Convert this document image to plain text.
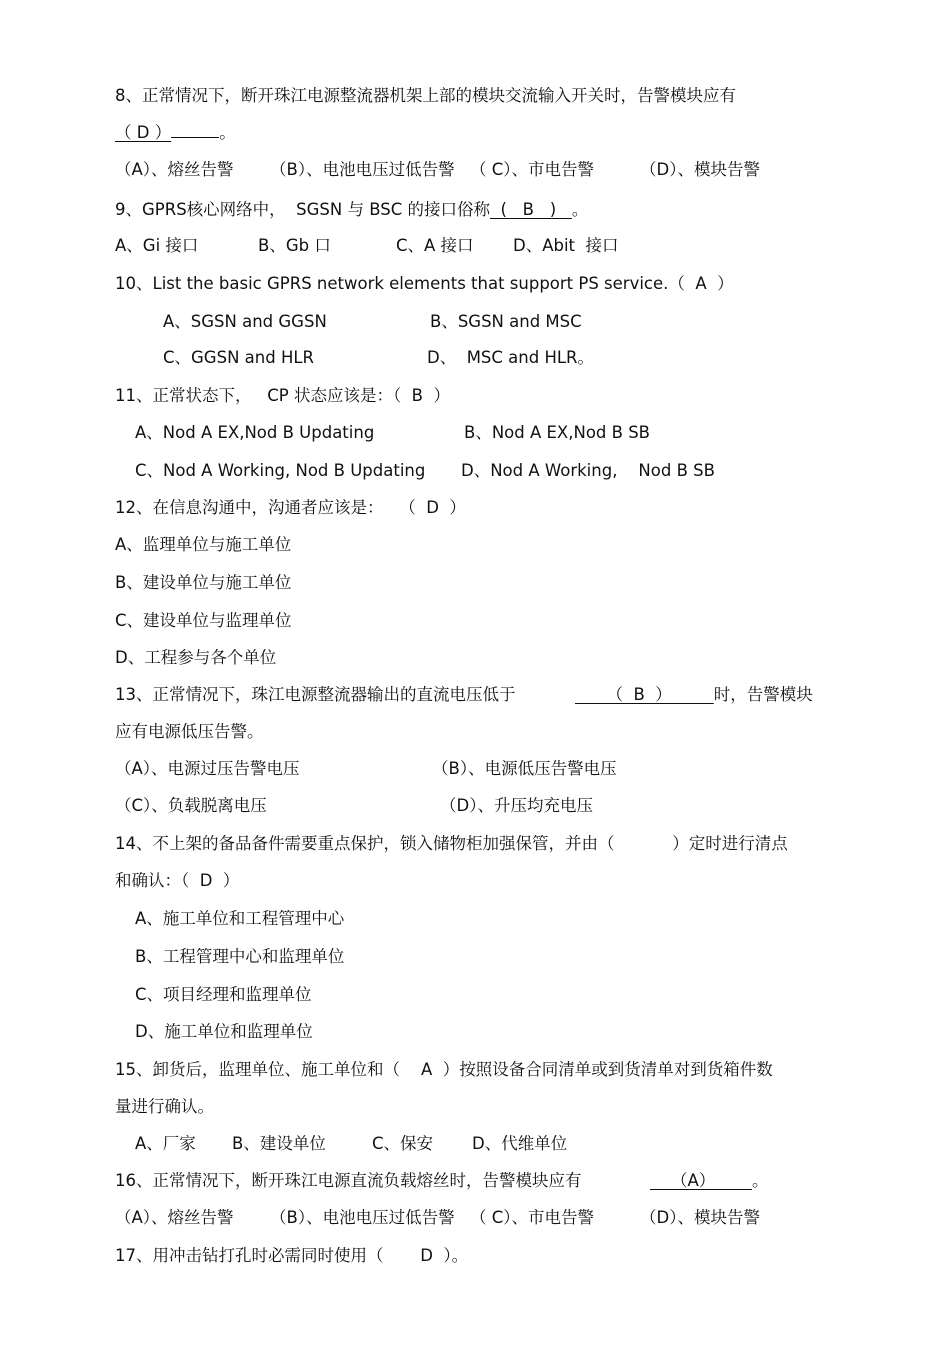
8、正常情况下，断开珠江电源整流器机架上部的模块交流输入开关时，告警模块应有
（ D ）	。
（A）、熔丝告警 （B）、电池电压过低告警 （ C）、市电告警	（D）、模块告警
9、GPRS核心网络中，  SGSN 与 BSC 的接口俗称  (   B   )   。
A、Gi 接口	B、Gb 口	C、A 接口 D、Abit  接口
10、List the basic GPRS network elements that support PS service.（  A  ）
A、SGSN and GGSN	B、SGSN and MSC
C、GGSN and HLR	D、  MSC and HLR。
11、正常状态下，   CP 状态应该是：（  B  ）
A、Nod A EX,Nod B Updating	B、Nod A EX,Nod B SB
C、Nod A Working, Nod B Updating D、Nod A Working,    Nod B SB
12、在信息沟通中，沟通者应该是：   （  D  ）
A、监理单位与施工单位
B、建设单位与施工单位
C、建设单位与监理单位
D、工程参与各个单位
13、正常情况下，珠江电源整流器输出的直流电压低于	（  B  ）        时，告警模块
应有电源低压告警。
（A）、电源过压告警电压	（B）、电源低压告警电压
（C）、负载脱离电压	（D）、升压均充电压
14、不上架的备品备件需要重点保护，锁入储物柜加强保管，并由（           ）定时进行清点
和确认：（  D  ）
A、施工单位和工程管理中心
B、工程管理中心和监理单位
C、项目经理和监理单位
D、施工单位和监理单位
15、卸货后，监理单位、施工单位和（    A  ）按照设备合同清单或到货清单对到货箱件数
量进行确认。
A、厂家 B、建设单位	C、保安 D、代维单位
16、正常情况下，断开珠江电源直流负载熔丝时，告警模块应有	（A）       。
（A）、熔丝告警 （B）、电池电压过低告警 （ C）、市电告警	（D）、模块告警
17、用冲击钻打孔时必需同时使用（       D  ）。
